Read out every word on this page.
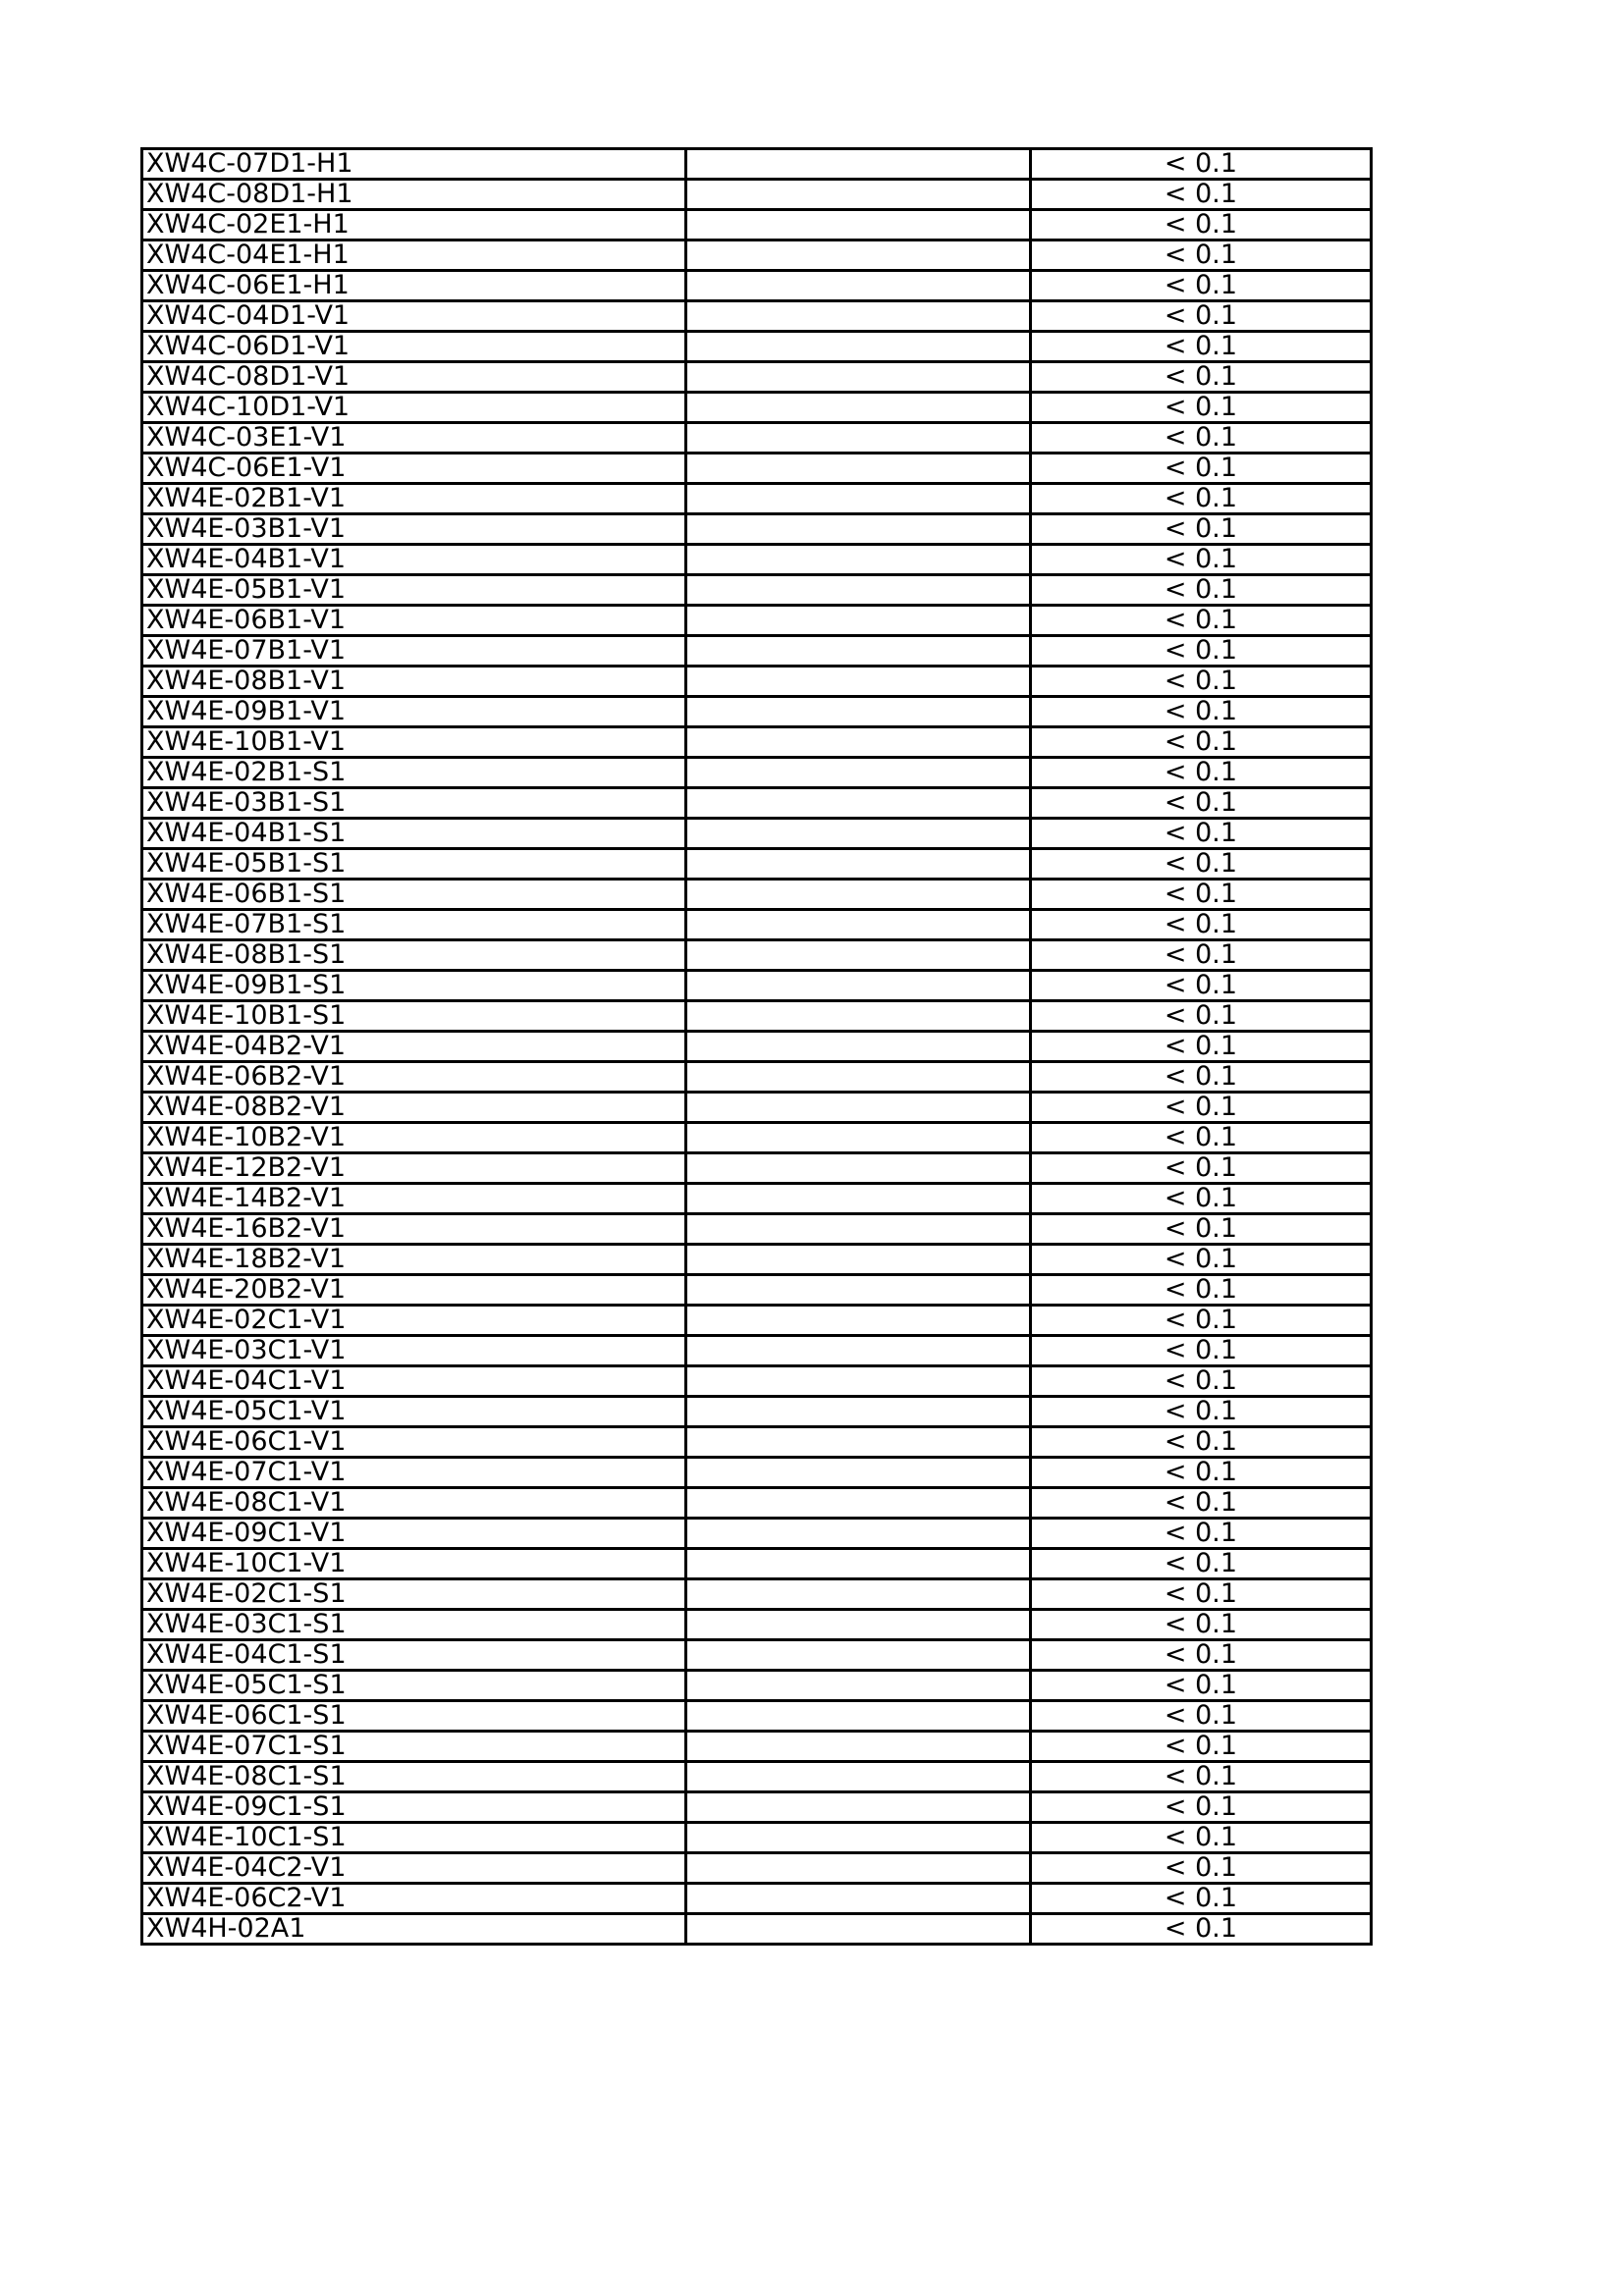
XW4C-07D1-H1		< 0.1
XW4C-08D1-H1		< 0.1
XW4C-02E1-H1		< 0.1
XW4C-04E1-H1		< 0.1
XW4C-06E1-H1		< 0.1
XW4C-04D1-V1		< 0.1
XW4C-06D1-V1		< 0.1
XW4C-08D1-V1		< 0.1
XW4C-10D1-V1		< 0.1
XW4C-03E1-V1		< 0.1
XW4C-06E1-V1		< 0.1
XW4E-02B1-V1		< 0.1
XW4E-03B1-V1		< 0.1
XW4E-04B1-V1		< 0.1
XW4E-05B1-V1		< 0.1
XW4E-06B1-V1		< 0.1
XW4E-07B1-V1		< 0.1
XW4E-08B1-V1		< 0.1
XW4E-09B1-V1		< 0.1
XW4E-10B1-V1		< 0.1
XW4E-02B1-S1		< 0.1
XW4E-03B1-S1		< 0.1
XW4E-04B1-S1		< 0.1
XW4E-05B1-S1		< 0.1
XW4E-06B1-S1		< 0.1
XW4E-07B1-S1		< 0.1
XW4E-08B1-S1		< 0.1
XW4E-09B1-S1		< 0.1
XW4E-10B1-S1		< 0.1
XW4E-04B2-V1		< 0.1
XW4E-06B2-V1		< 0.1
XW4E-08B2-V1		< 0.1
XW4E-10B2-V1		< 0.1
XW4E-12B2-V1		< 0.1
XW4E-14B2-V1		< 0.1
XW4E-16B2-V1		< 0.1
XW4E-18B2-V1		< 0.1
XW4E-20B2-V1		< 0.1
XW4E-02C1-V1		< 0.1
XW4E-03C1-V1		< 0.1
XW4E-04C1-V1		< 0.1
XW4E-05C1-V1		< 0.1
XW4E-06C1-V1		< 0.1
XW4E-07C1-V1		< 0.1
XW4E-08C1-V1		< 0.1
XW4E-09C1-V1		< 0.1
XW4E-10C1-V1		< 0.1
XW4E-02C1-S1		< 0.1
XW4E-03C1-S1		< 0.1
XW4E-04C1-S1		< 0.1
XW4E-05C1-S1		< 0.1
XW4E-06C1-S1		< 0.1
XW4E-07C1-S1		< 0.1
XW4E-08C1-S1		< 0.1
XW4E-09C1-S1		< 0.1
XW4E-10C1-S1		< 0.1
XW4E-04C2-V1		< 0.1
XW4E-06C2-V1		< 0.1
XW4H-02A1		< 0.1
